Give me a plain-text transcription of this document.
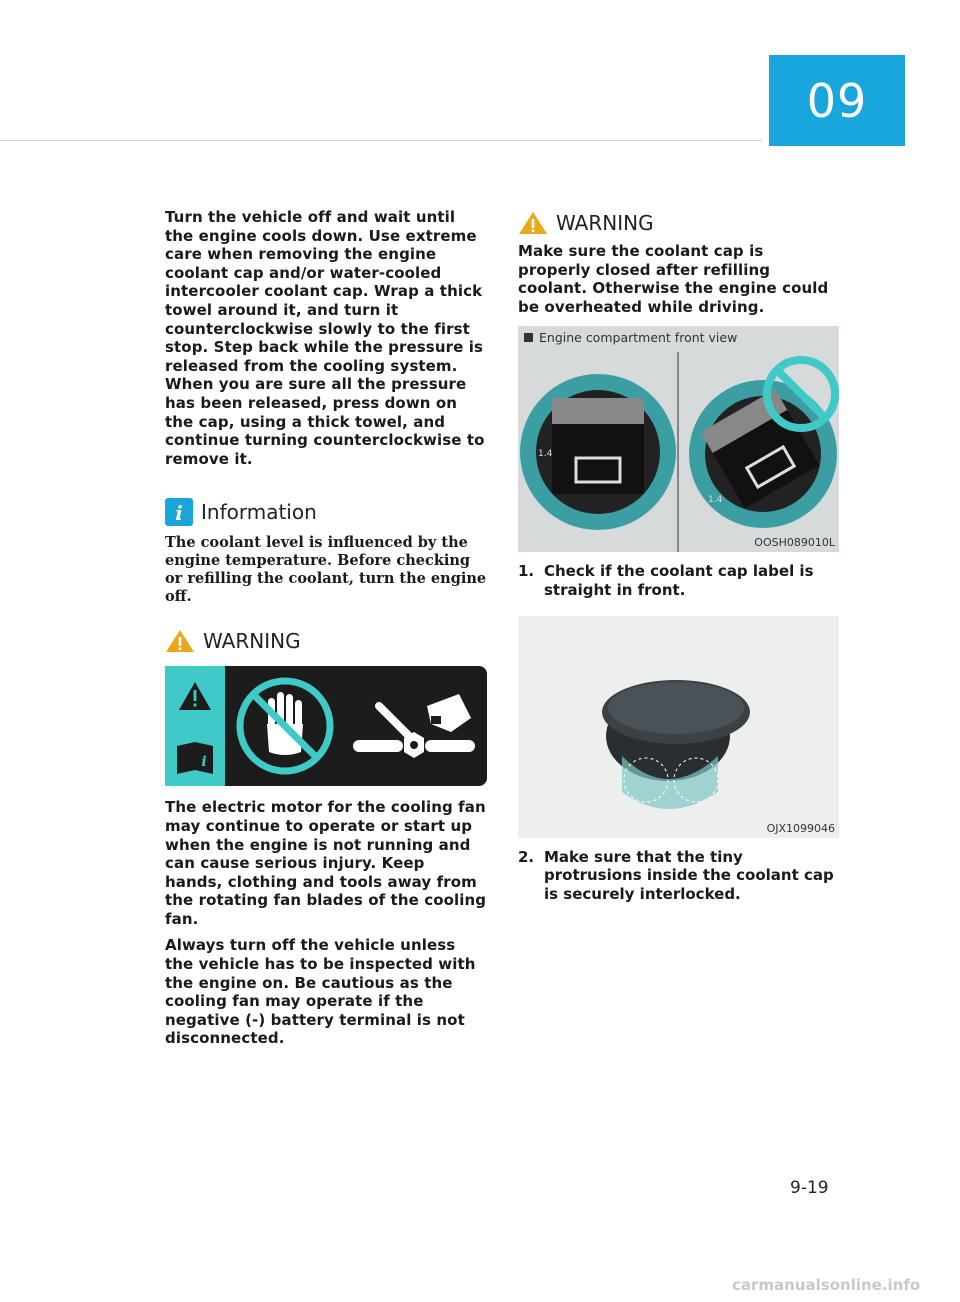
09

Turn the vehicle off and wait until the engine cools down. Use extreme care when removing the engine coolant cap and/or water-cooled intercooler coolant cap. Wrap a thick towel around it, and turn it counterclockwise slowly to the first stop. Step back while the pressure is released from the cooling system. When you are sure all the pressure has been released, press down on the cap, using a thick towel, and continue turning counterclockwise to remove it.

i Information

The coolant level is influenced by the engine temperature. Before checking or refilling the coolant, turn the engine off.

WARNING
i

The electric motor for the cooling fan may continue to operate or start up when the engine is not running and can cause serious injury. Keep hands, clothing and tools away from the rotating fan blades of the cooling fan.

Always turn off the vehicle unless the vehicle has to be inspected with the engine on. Be cautious as the cooling fan may operate if the negative (-) battery terminal is not disconnected.

WARNING

Make sure the coolant cap is properly closed after refilling coolant. Otherwise the engine could be overheated while driving.

Engine compartment front view
1.4
1.4
OOSH089010L
1. Check if the coolant cap label is straight in front.
OJX1099046
2. Make sure that the tiny protrusions inside the coolant cap is securely interlocked.
9-19
carmanualsonline.info
